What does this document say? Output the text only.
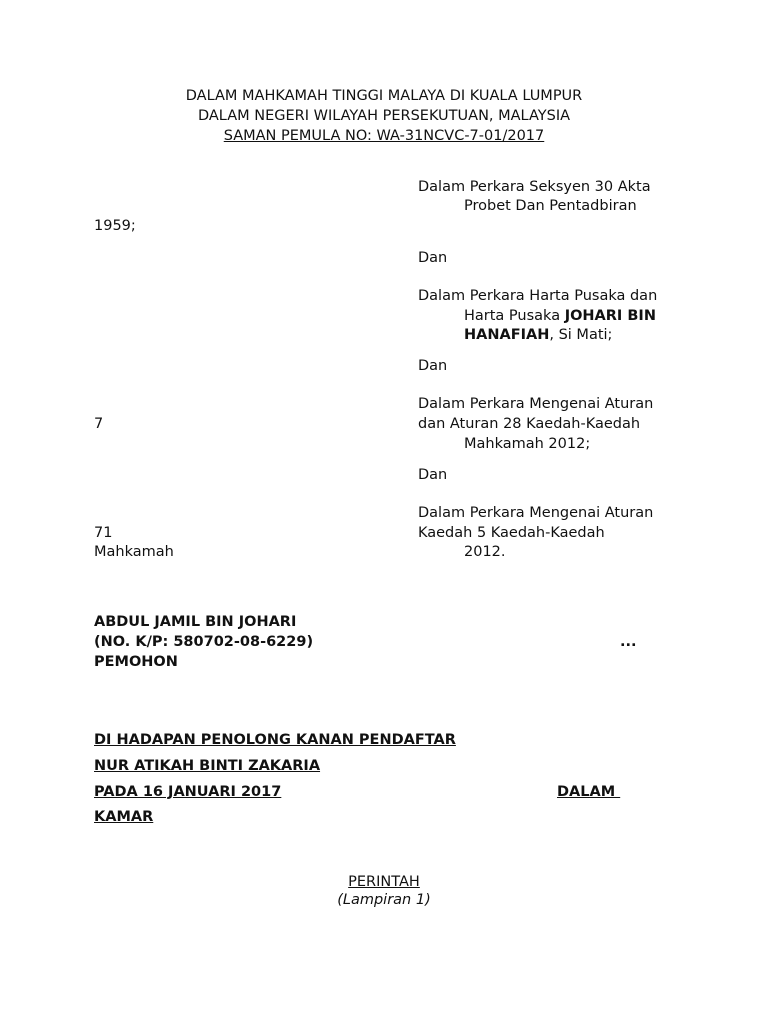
DALAM MAHKAMAH TINGGI MALAYA DI KUALA LUMPUR
DALAM NEGERI WILAYAH PERSEKUTUAN, MALAYSIA
SAMAN PEMULA NO: WA-31NCVC-7-01/2017
Dalam Perkara Seksyen 30 Akta
Probet Dan Pentadbiran
1959;
Dan
Dalam Perkara Harta Pusaka dan
Harta Pusaka JOHARI BIN
HANAFIAH, Si Mati;
Dan
Dalam Perkara Mengenai Aturan
7	dan Aturan 28 Kaedah-Kaedah
Mahkamah 2012;
Dan
Dalam Perkara Mengenai Aturan
71	Kaedah 5 Kaedah-Kaedah
Mahkamah	2012.
ABDUL JAMIL BIN JOHARI
(NO. K/P: 580702-08-6229)	...
PEMOHON
DI HADAPAN PENOLONG KANAN PENDAFTAR
NUR ATIKAH BINTI ZAKARIA
PADA 16 JANUARI 2017	DALAM
KAMAR
PERINTAH
(Lampiran 1)
